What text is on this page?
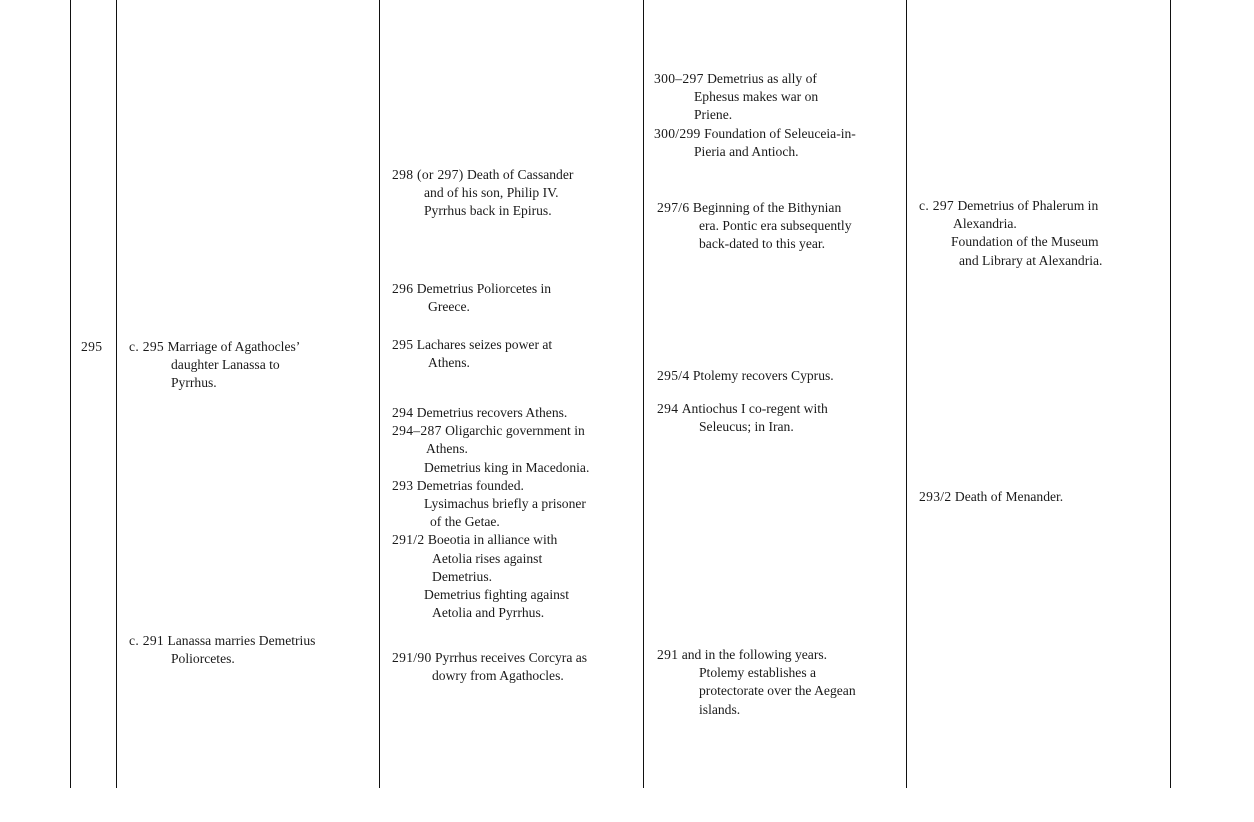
295 c. 295 Marriage of Agathocles’
daughter Lanassa to
Pyrrhus.
c. 291 Lanassa marries Demetrius
Poliorcetes.
298 (or 297) Death of Cassander
and of his son, Philip IV.
Pyrrhus back in Epirus.
296 Demetrius Poliorcetes in
Greece.
295 Lachares seizes power at
Athens.
294 Demetrius recovers Athens.
294–287 Oligarchic government in
Athens.
Demetrius king in Macedonia.
293 Demetrias founded.
Lysimachus briefly a prisoner
of the Getae.
291/2 Boeotia in alliance with
Aetolia rises against
Demetrius.
Demetrius fighting against
Aetolia and Pyrrhus.
291/90 Pyrrhus receives Corcyra as
dowry from Agathocles.
300–297 Demetrius as ally of
Ephesus makes war on
Priene.
300/299 Foundation of Seleuceia-in-
Pieria and Antioch.
297/6 Beginning of the Bithynian
era. Pontic era subsequently
back-dated to this year.
295/4 Ptolemy recovers Cyprus.
294 Antiochus I co-regent with
Seleucus; in Iran.
291 and in the following years.
Ptolemy establishes a
protectorate over the Aegean
islands.
c. 297 Demetrius of Phalerum in
Alexandria.
Foundation of the Museum
and Library at Alexandria.
293/2 Death of Menander.
